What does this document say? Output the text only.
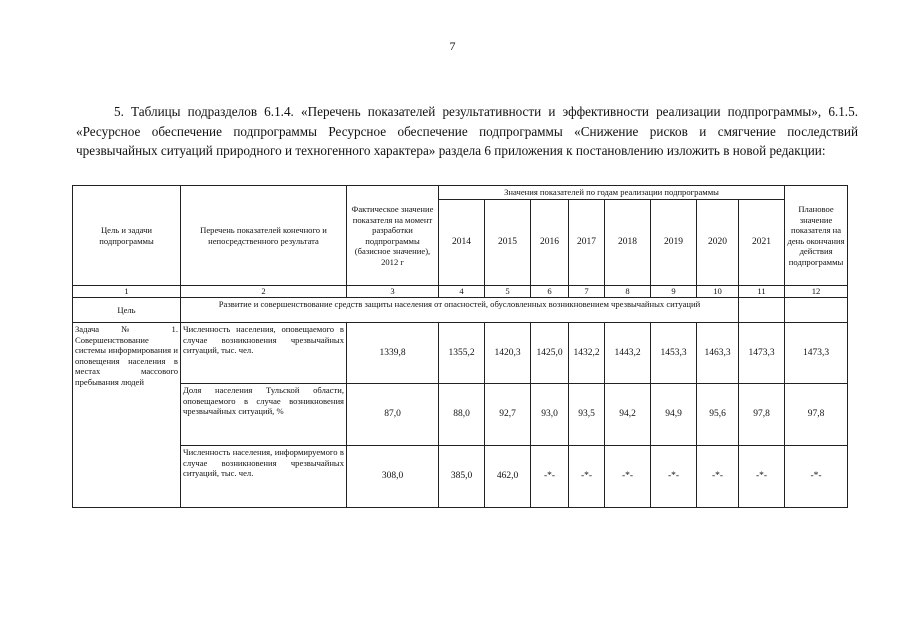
7
5. Таблицы подразделов 6.1.4. «Перечень показателей результативности и эффективности реализации подпрограммы», 6.1.5. «Ресурсное обеспечение подпрограммы Ресурсное обеспечение подпрограммы «Снижение рисков и смягчение последствий чрезвычайных ситуаций природного и техногенного характера» раздела 6 приложения к постановлению изложить в новой редакции:
Цель и задачи подпрограммы	Перечень показателей конечного и непосредственного результата	Фактическое значение показателя на момент разработки подпрограммы (базисное значение), 2012 г	Значения показателей по годам реализации подпрограммы								Плановое значение показателя на день окончания действия подпрограммы
			2014	2015	2016	2017	2018	2019	2020	2021	
1	2	3	4	5	6	7	8	9	10	11	12
Цель	Развитие и совершенствование средств защиты населения от опасностей, обусловленных возникновением чрезвычайных ситуаций										
Задача № 1. Совершенствование системы информирования и оповещения населения в местах массового пребывания людей	Численность населения, оповещаемого в случае возникновения чрезвычайных ситуаций, тыс. чел.	1339,8	1355,2	1420,3	1425,0	1432,2	1443,2	1453,3	1463,3	1473,3	1473,3
	Доля населения Тульской области, оповещаемого в случае возникновения чрезвычайных ситуаций, %	87,0	88,0	92,7	93,0	93,5	94,2	94,9	95,6	97,8	97,8
	Численность населения, информируемого в случае возникновения чрезвычайных ситуаций, тыс. чел.	308,0	385,0	462,0	-*-	-*-	-*-	-*-	-*-	-*-	-*-
